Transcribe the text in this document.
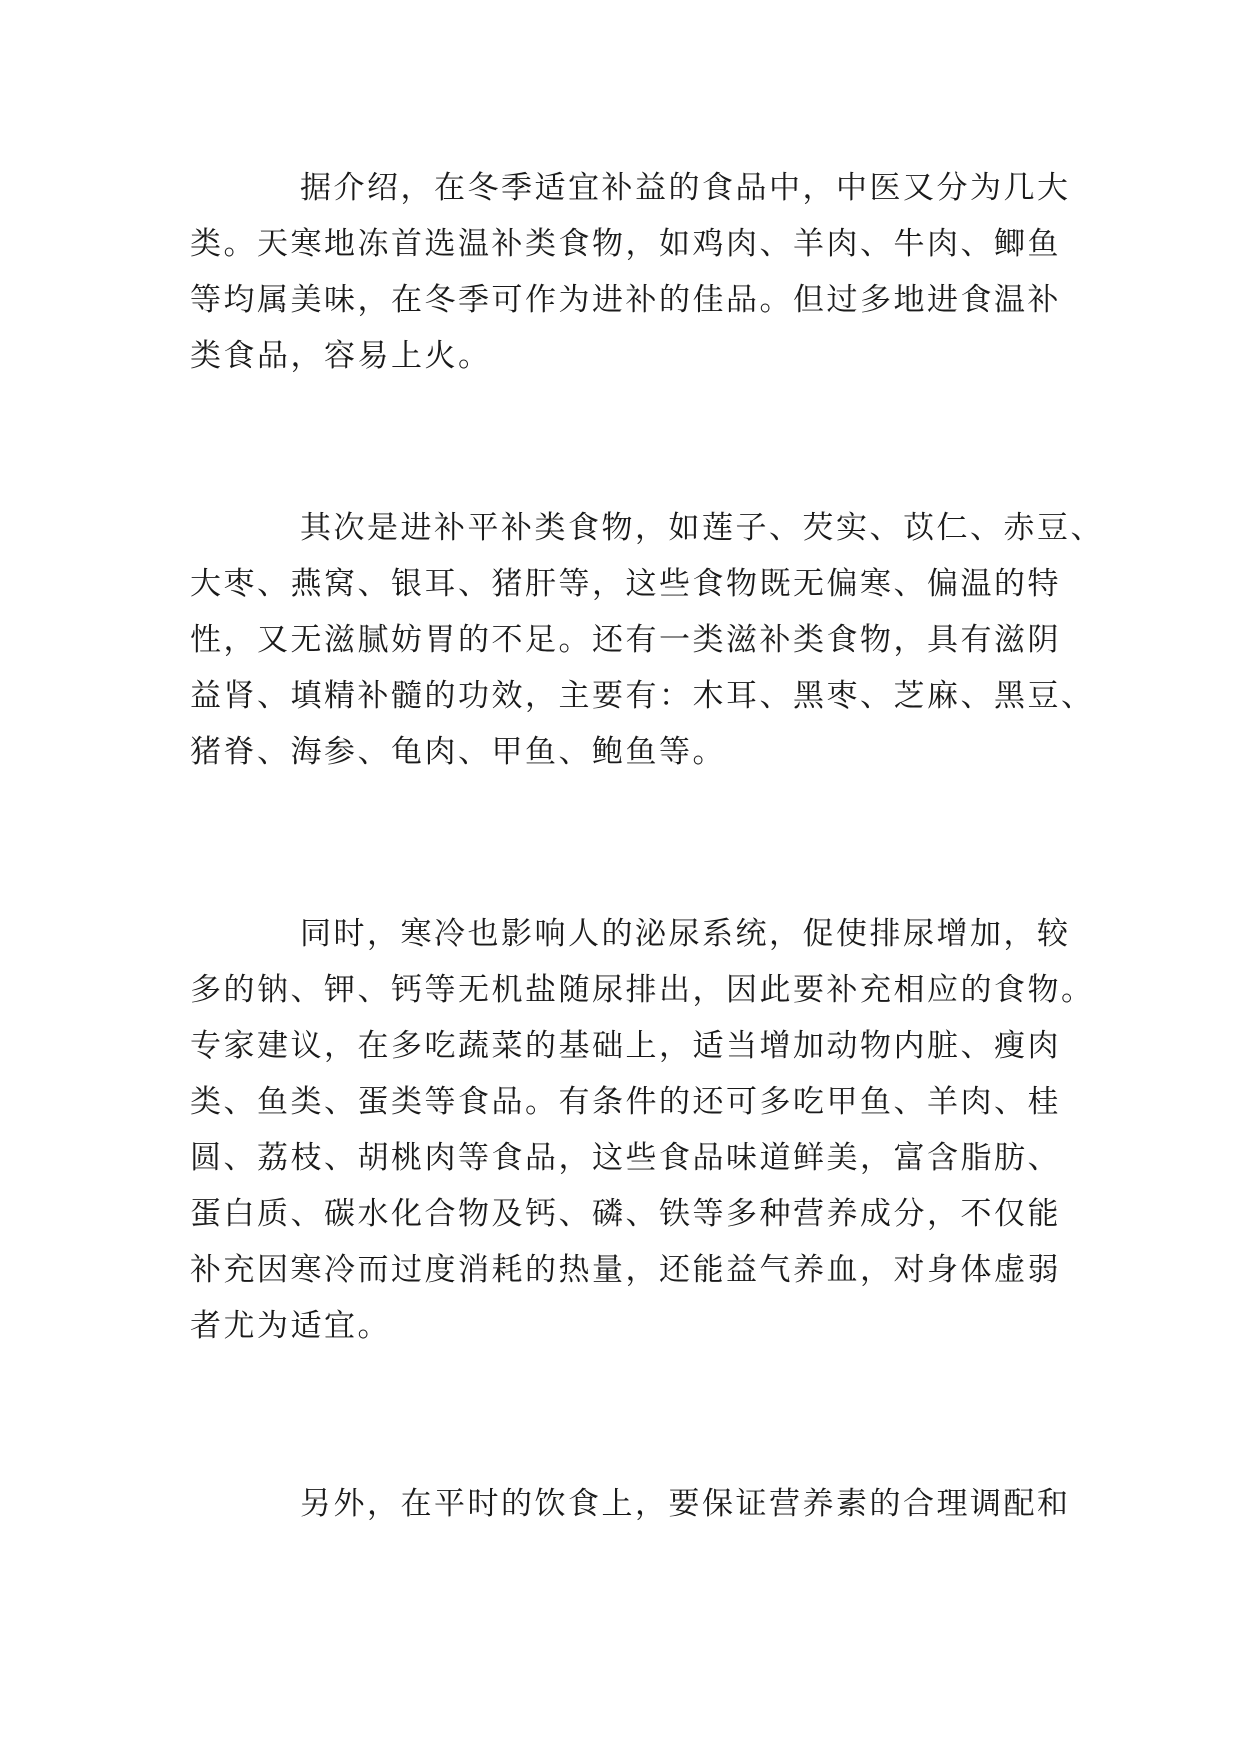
据介绍，在冬季适宜补益的食品中，中医又分为几大

类。天寒地冻首选温补类食物，如鸡肉、羊肉、牛肉、鲫鱼

等均属美味，在冬季可作为进补的佳品。但过多地进食温补

类食品，容易上火。

其次是进补平补类食物，如莲子、芡实、苡仁、赤豆、

大枣、燕窝、银耳、猪肝等，这些食物既无偏寒、偏温的特

性，又无滋腻妨胃的不足。还有一类滋补类食物，具有滋阴

益肾、填精补髓的功效，主要有：木耳、黑枣、芝麻、黑豆、

猪脊、海参、龟肉、甲鱼、鲍鱼等。

同时，寒冷也影响人的泌尿系统，促使排尿增加，较

多的钠、钾、钙等无机盐随尿排出，因此要补充相应的食物。

专家建议，在多吃蔬菜的基础上，适当增加动物内脏、瘦肉

类、鱼类、蛋类等食品。有条件的还可多吃甲鱼、羊肉、桂

圆、荔枝、胡桃肉等食品，这些食品味道鲜美，富含脂肪、

蛋白质、碳水化合物及钙、磷、铁等多种营养成分，不仅能

补充因寒冷而过度消耗的热量，还能益气养血，对身体虚弱

者尤为适宜。

另外，在平时的饮食上，要保证营养素的合理调配和
